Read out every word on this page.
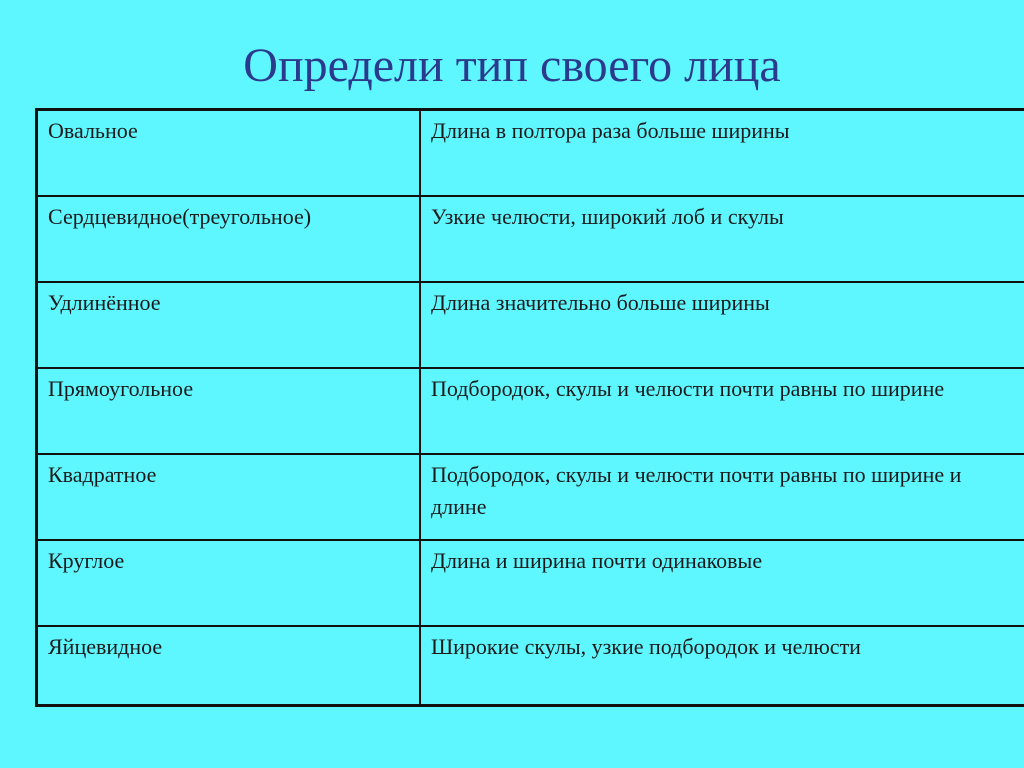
Определи тип своего лица
Овальное	Длина в полтора раза больше ширины
Сердцевидное(треугольное)	Узкие челюсти, широкий лоб и скулы
Удлинённое	Длина значительно больше ширины
Прямоугольное	Подбородок, скулы и челюсти почти равны по ширине
Квадратное	Подбородок, скулы и челюсти почти равны по ширине и длине
Круглое	Длина и ширина почти одинаковые
Яйцевидное	Широкие скулы, узкие подбородок и челюсти
